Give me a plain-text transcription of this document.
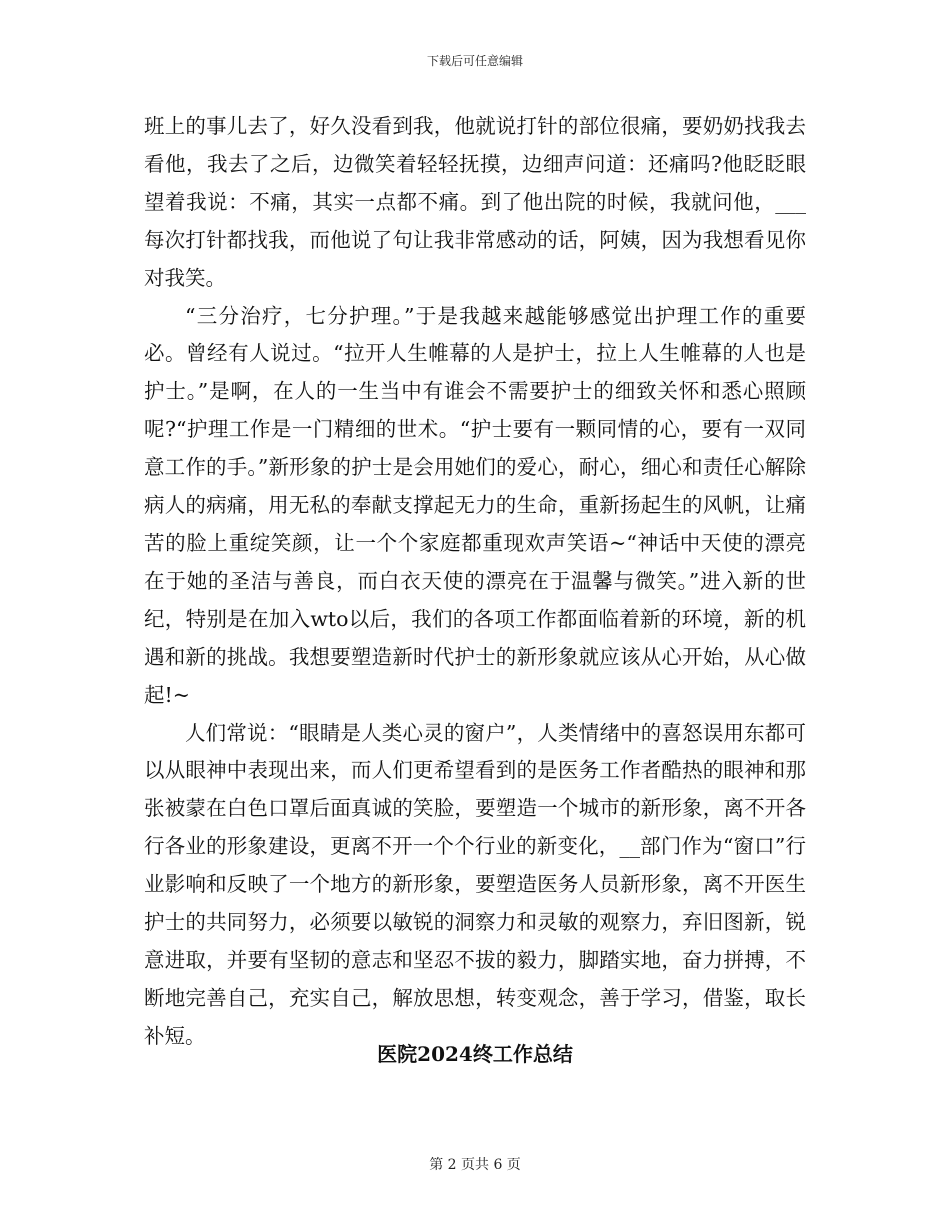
下载后可任意编辑

班上的事儿去了，好久没看到我，他就说打针的部位很痛，要奶奶找我去看他，我去了之后，边微笑着轻轻抚摸，边细声问道：还痛吗?他眨眨眼望着我说：不痛，其实一点都不痛。到了他出院的时候，我就问他，___每次打针都找我，而他说了句让我非常感动的话，阿姨，因为我想看见你对我笑。

“三分治疗，七分护理。”于是我越来越能够感觉出护理工作的重要必。曾经有人说过。“拉开人生帷幕的人是护士，拉上人生帷幕的人也是护士。”是啊，在人的一生当中有谁会不需要护士的细致关怀和悉心照顾呢?“护理工作是一门精细的世术。“护士要有一颗同情的心，要有一双同意工作的手。”新形象的护士是会用她们的爱心，耐心，细心和责任心解除病人的病痛，用无私的奉献支撑起无力的生命，重新扬起生的风帆，让痛苦的脸上重绽笑颜，让一个个家庭都重现欢声笑语~“神话中天使的漂亮在于她的圣洁与善良，而白衣天使的漂亮在于温馨与微笑。”进入新的世纪，特别是在加入wto以后，我们的各项工作都面临着新的环境，新的机遇和新的挑战。我想要塑造新时代护士的新形象就应该从心开始，从心做起!~

人们常说：“眼睛是人类心灵的窗户”，人类情绪中的喜怒误用东都可以从眼神中表现出来，而人们更希望看到的是医务工作者酷热的眼神和那张被蒙在白色口罩后面真诚的笑脸，要塑造一个城市的新形象，离不开各行各业的形象建设，更离不开一个个行业的新变化，__部门作为“窗口”行业影响和反映了一个地方的新形象，要塑造医务人员新形象，离不开医生护士的共同努力，必须要以敏锐的洞察力和灵敏的观察力，弃旧图新，锐意进取，并要有坚韧的意志和坚忍不拔的毅力，脚踏实地，奋力拼搏，不断地完善自己，充实自己，解放思想，转变观念，善于学习，借鉴，取长补短。

医院2024终工作总结
第 2 页共 6 页
